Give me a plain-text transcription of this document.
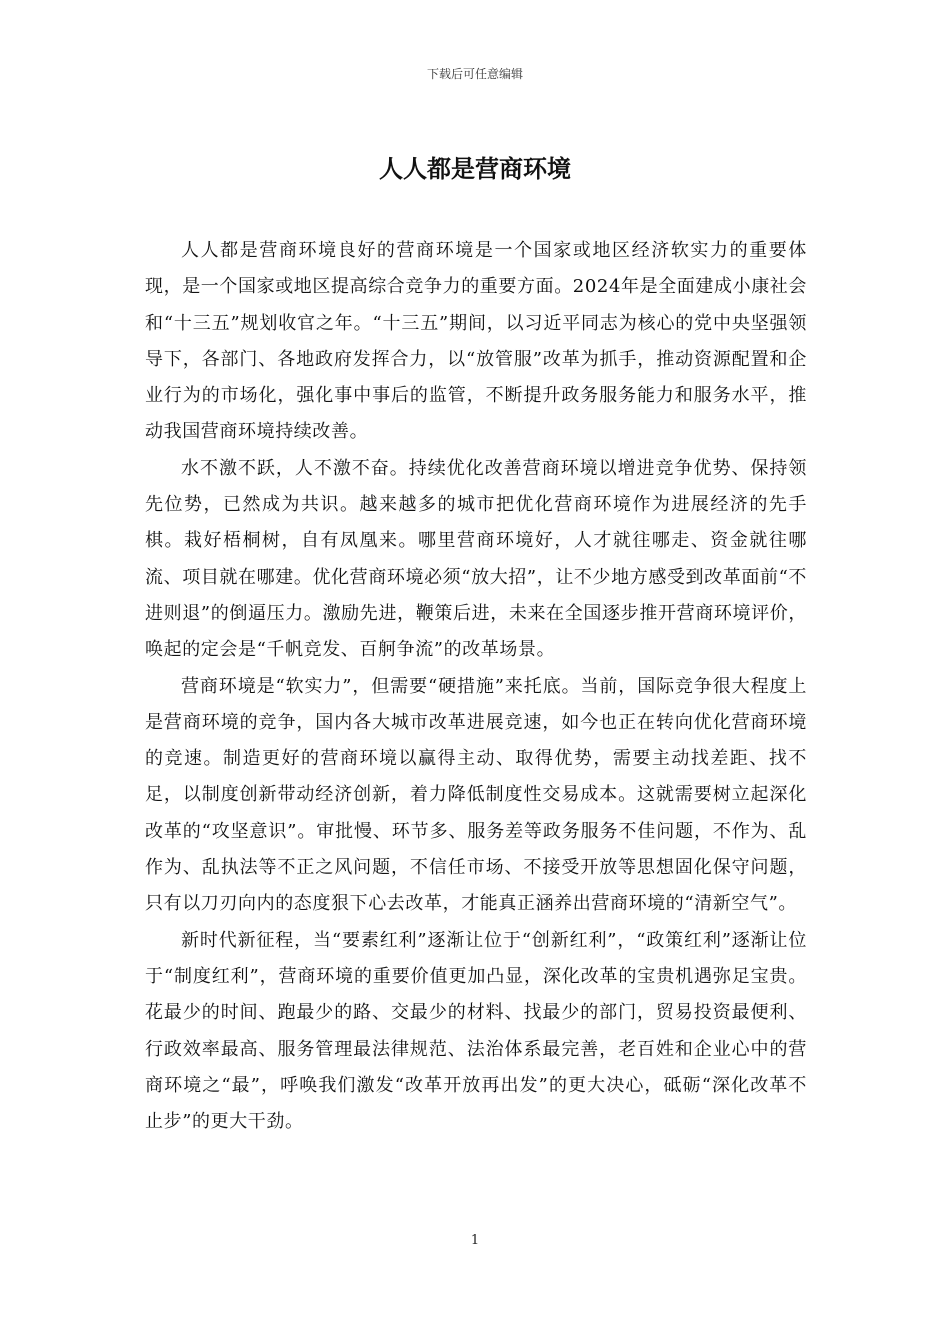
下载后可任意编辑
人人都是营商环境

人人都是营商环境良好的营商环境是一个国家或地区经济软实力的重要体现，是一个国家或地区提高综合竞争力的重要方面。2024年是全面建成小康社会和“十三五”规划收官之年。“十三五”期间，以习近平同志为核心的党中央坚强领导下，各部门、各地政府发挥合力，以“放管服”改革为抓手，推动资源配置和企业行为的市场化，强化事中事后的监管，不断提升政务服务能力和服务水平，推动我国营商环境持续改善。

水不激不跃，人不激不奋。持续优化改善营商环境以增进竞争优势、保持领先位势，已然成为共识。越来越多的城市把优化营商环境作为进展经济的先手棋。栽好梧桐树，自有凤凰来。哪里营商环境好，人才就往哪走、资金就往哪流、项目就在哪建。优化营商环境必须“放大招”，让不少地方感受到改革面前“不进则退”的倒逼压力。激励先进，鞭策后进，未来在全国逐步推开营商环境评价，唤起的定会是“千帆竞发、百舸争流”的改革场景。

营商环境是“软实力”，但需要“硬措施”来托底。当前，国际竞争很大程度上是营商环境的竞争，国内各大城市改革进展竞速，如今也正在转向优化营商环境的竞速。制造更好的营商环境以赢得主动、取得优势，需要主动找差距、找不足，以制度创新带动经济创新，着力降低制度性交易成本。这就需要树立起深化改革的“攻坚意识”。审批慢、环节多、服务差等政务服务不佳问题，不作为、乱作为、乱执法等不正之风问题，不信任市场、不接受开放等思想固化保守问题，只有以刀刃向内的态度狠下心去改革，才能真正涵养出营商环境的“清新空气”。

新时代新征程，当“要素红利”逐渐让位于“创新红利”，“政策红利”逐渐让位于“制度红利”，营商环境的重要价值更加凸显，深化改革的宝贵机遇弥足宝贵。花最少的时间、跑最少的路、交最少的材料、找最少的部门，贸易投资最便利、行政效率最高、服务管理最法律规范、法治体系最完善，老百姓和企业心中的营商环境之“最”，呼唤我们激发“改革开放再出发”的更大决心，砥砺“深化改革不止步”的更大干劲。

1
